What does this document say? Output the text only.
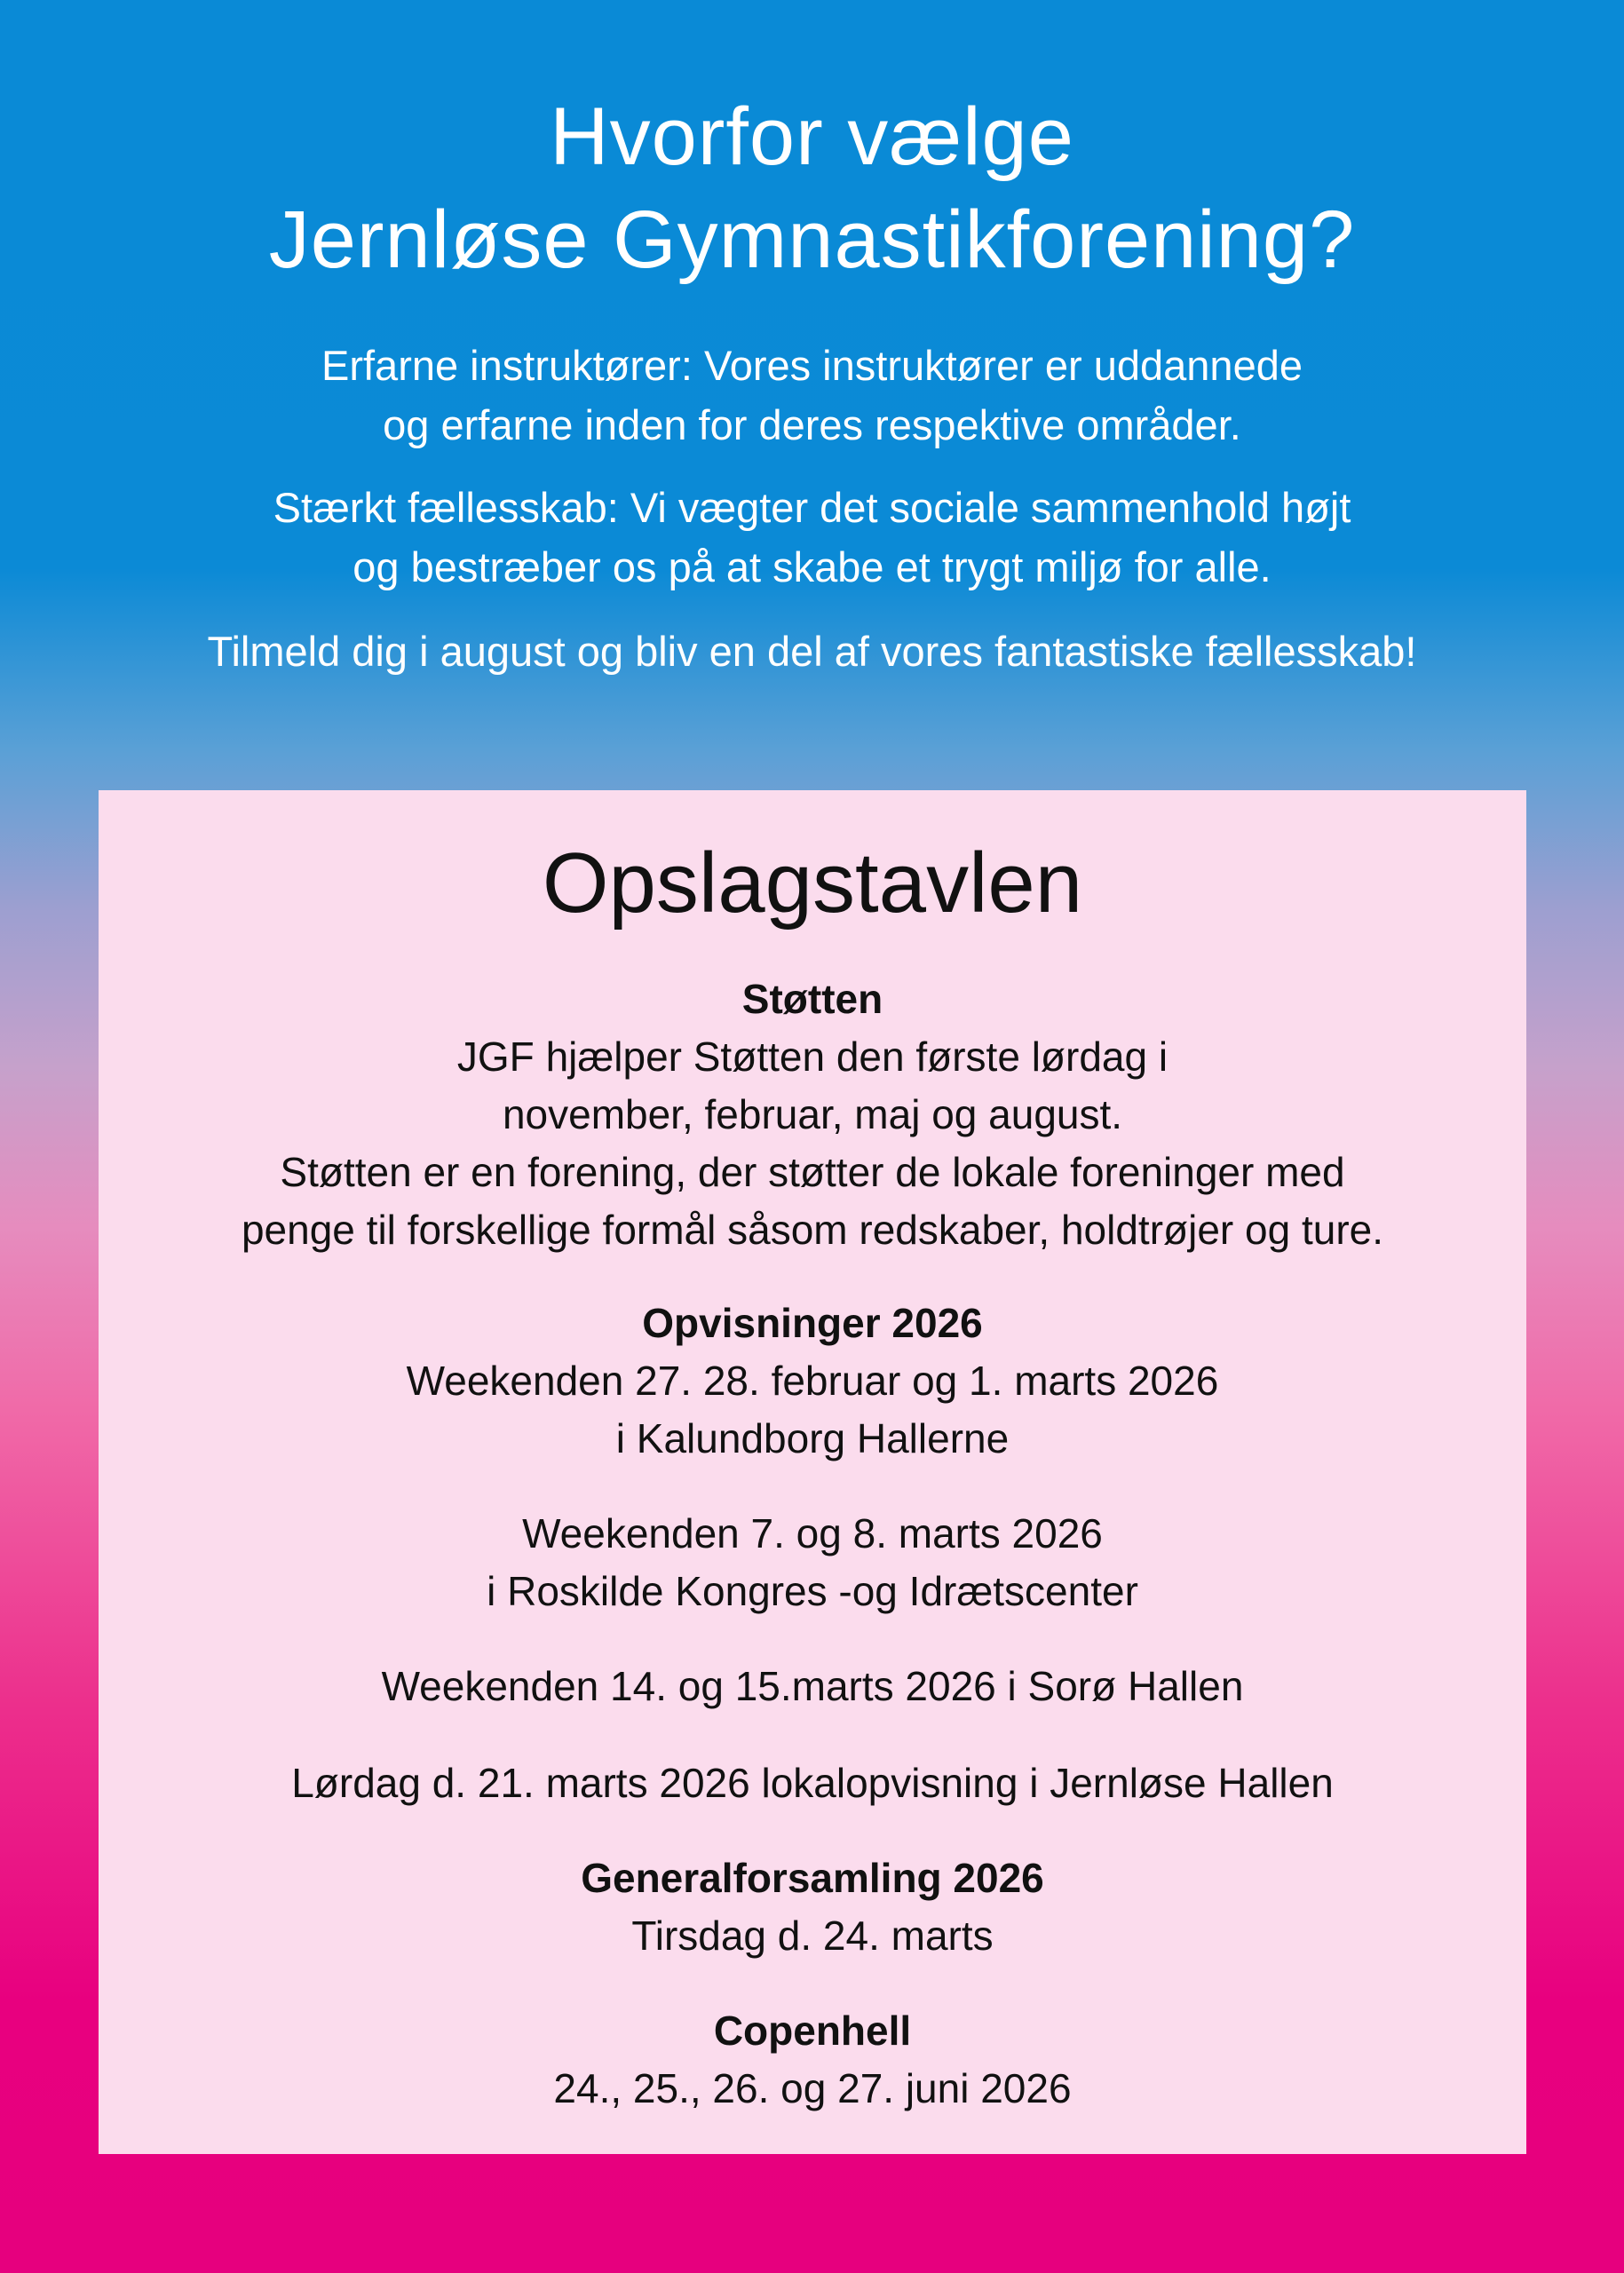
Hvorfor vælge
Jernløse Gymnastikforening?

Erfarne instruktører: Vores instruktører er uddannede
og erfarne inden for deres respektive områder.

Stærkt fællesskab: Vi vægter det sociale sammenhold højt
og bestræber os på at skabe et trygt miljø for alle.

Tilmeld dig i august og bliv en del af vores fantastiske fællesskab!

Opslagstavlen
Støtten
JGF hjælper Støtten den første lørdag i
november, februar, maj og august.
Støtten er en forening, der støtter de lokale foreninger med
penge til forskellige formål såsom redskaber, holdtrøjer og ture.
Opvisninger 2026
Weekenden 27. 28. februar og 1. marts 2026
i Kalundborg Hallerne
Weekenden 7. og 8. marts 2026
i Roskilde Kongres -og Idrætscenter
Weekenden 14. og 15.marts 2026 i Sorø Hallen
Lørdag d. 21. marts 2026 lokalopvisning i Jernløse Hallen
Generalforsamling 2026
Tirsdag d. 24. marts
Copenhell
24., 25., 26. og 27. juni 2026
